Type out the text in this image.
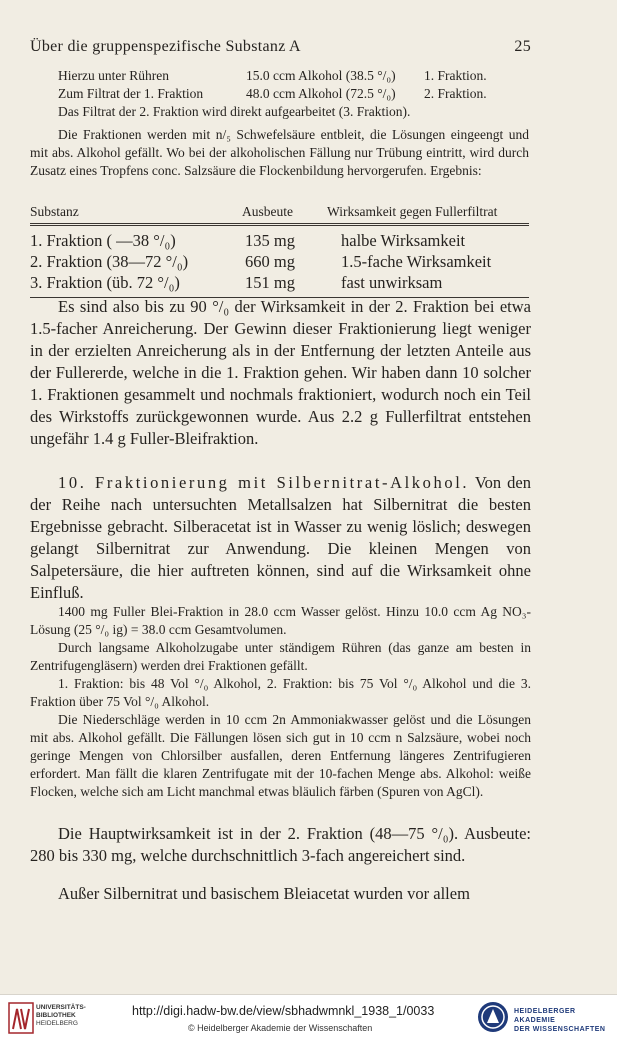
Über die gruppenspezifische Substanz A	25
Hierzu unter Rühren	15.0 ccm Alkohol (38.5 °/₀)	1. Fraktion.
Zum Filtrat der 1. Fraktion	48.0 ccm Alkohol (72.5 °/₀)	2. Fraktion.
Das Filtrat der 2. Fraktion wird direkt aufgearbeitet (3. Fraktion).

Die Fraktionen werden mit n/₅ Schwefelsäure entbleit, die Lösungen eingeengt und mit abs. Alkohol gefällt. Wo bei der alkoholischen Fällung nur Trübung eintritt, wird durch Zusatz eines Tropfens conc. Salzsäure die Flockenbildung hervorgerufen. Ergebnis:

Substanz	Ausbeute	Wirksamkeit gegen Fullerfiltrat
1. Fraktion ( —38 °/₀)	135 mg	halbe Wirksamkeit
2. Fraktion (38—72 °/₀)	660 mg	1.5-fache Wirksamkeit
3. Fraktion (üb. 72 °/₀)	151 mg	fast unwirksam

Es sind also bis zu 90 °/₀ der Wirksamkeit in der 2. Fraktion bei etwa 1.5-facher Anreicherung. Der Gewinn dieser Fraktionierung liegt weniger in der erzielten Anreicherung als in der Entfernung der letzten Anteile aus der Fullererde, welche in die 1. Fraktion gehen. Wir haben dann 10 solcher 1. Fraktionen gesammelt und nochmals fraktioniert, wodurch noch ein Teil des Wirkstoffs zurückgewonnen wurde. Aus 2.2 g Fullerfiltrat entstehen ungefähr 1.4 g Fuller-Bleifraktion.

10. Fraktionierung mit Silbernitrat-Alkohol. Von den der Reihe nach untersuchten Metallsalzen hat Silbernitrat die besten Ergebnisse gebracht. Silberacetat ist in Wasser zu wenig löslich; deswegen gelangt Silbernitrat zur Anwendung. Die kleinen Mengen von Salpetersäure, die hier auftreten können, sind auf die Wirksamkeit ohne Einfluß.

1400 mg Fuller Blei-Fraktion in 28.0 ccm Wasser gelöst. Hinzu 10.0 ccm Ag NO₃-Lösung (25 °/₀ ig) = 38.0 ccm Gesamtvolumen.

Durch langsame Alkoholzugabe unter ständigem Rühren (das ganze am besten in Zentrifugengläsern) werden drei Fraktionen gefällt.

1. Fraktion: bis 48 Vol °/₀ Alkohol, 2. Fraktion: bis 75 Vol °/₀ Alkohol und die 3. Fraktion über 75 Vol °/₀ Alkohol.

Die Niederschläge werden in 10 ccm 2n Ammoniakwasser gelöst und die Lösungen mit abs. Alkohol gefällt. Die Fällungen lösen sich gut in 10 ccm n Salzsäure, wobei noch geringe Mengen von Chlorsilber ausfallen, deren Entfernung längeres Zentrifugieren erfordert. Man fällt die klaren Zentrifugate mit der 10-fachen Menge abs. Alkohol: weiße Flocken, welche sich am Licht manchmal etwas bläulich färben (Spuren von AgCl).

Die Hauptwirksamkeit ist in der 2. Fraktion (48—75 °/₀). Ausbeute: 280 bis 330 mg, welche durchschnittlich 3-fach angereichert sind.

Außer Silbernitrat und basischem Bleiacetat wurden vor allem

UNIVERSITÄTS-
BIBLIOTHEK
HEIDELBERG
http://digi.hadw-bw.de/view/sbhadwmnkl_1938_1/0033
© Heidelberger Akademie der Wissenschaften
HEIDELBERGER AKADEMIE
DER WISSENSCHAFTEN
